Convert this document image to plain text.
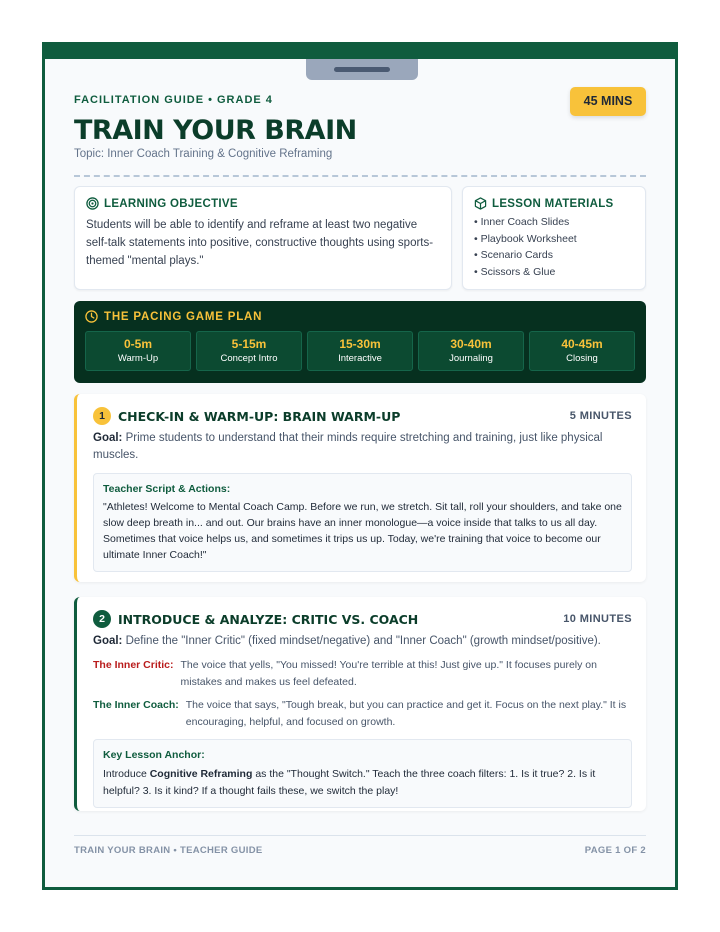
FACILITATION GUIDE • GRADE 4
TRAIN YOUR BRAIN
Topic: Inner Coach Training & Cognitive Reframing
45 MINS
LEARNING OBJECTIVE

Students will be able to identify and reframe at least two negative self-talk statements into positive, constructive thoughts using sports-themed "mental plays."

LESSON MATERIALS
• Inner Coach Slides
• Playbook Worksheet
• Scenario Cards
• Scissors & Glue
THE PACING GAME PLAN
0-5m
Warm-Up
5-15m
Concept Intro
15-30m
Interactive
30-40m
Journaling
40-45m
Closing
1	CHECK-IN & WARM-UP: BRAIN WARM-UP	5 MINUTES

Goal: Prime students to understand that their minds require stretching and training, just like physical muscles.

Teacher Script & Actions:

"Athletes! Welcome to Mental Coach Camp. Before we run, we stretch. Sit tall, roll your shoulders, and take one slow deep breath in... and out. Our brains have an inner monologue—a voice inside that talks to us all day. Sometimes that voice helps us, and sometimes it trips us up. Today, we're training that voice to become our ultimate Inner Coach!"

2	INTRODUCE & ANALYZE: CRITIC VS. COACH	10 MINUTES

Goal: Define the "Inner Critic" (fixed mindset/negative) and "Inner Coach" (growth mindset/positive).

The Inner Critic: The voice that yells, "You missed! You're terrible at this! Just give up." It focuses purely on mistakes and makes us feel defeated.
The Inner Coach: The voice that says, "Tough break, but you can practice and get it. Focus on the next play." It is encouraging, helpful, and focused on growth.
Key Lesson Anchor:

Introduce Cognitive Reframing as the "Thought Switch." Teach the three coach filters: 1. Is it true? 2. Is it helpful? 3. Is it kind? If a thought fails these, we switch the play!

TRAIN YOUR BRAIN • TEACHER GUIDE	PAGE 1 OF 2
